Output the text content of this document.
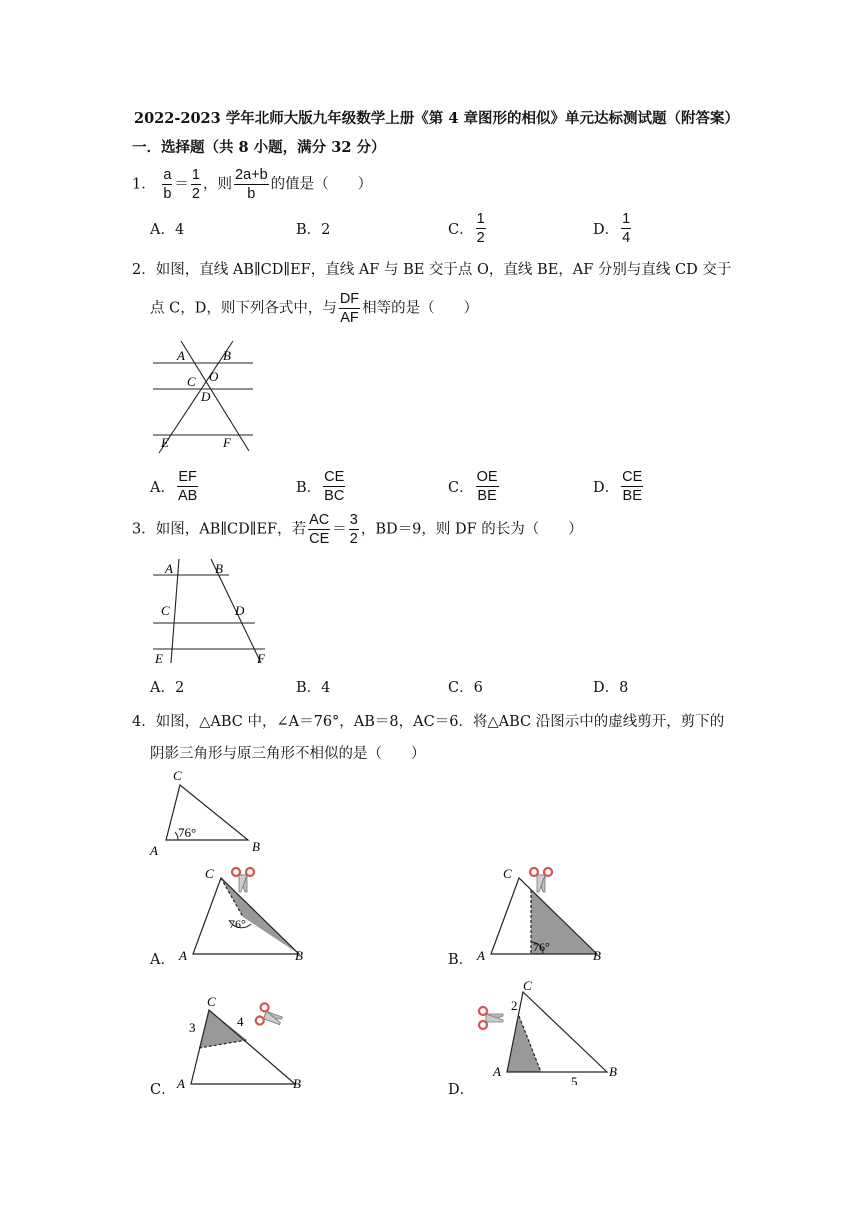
2022-2023 学年北师大版九年级数学上册《第 4 章图形的相似》单元达标测试题（附答案）
一．选择题（共 8 小题，满分 32 分）
1． $\frac{a}{b} = \frac{1}{2}$ ，则 $\frac{2a+b}{b}$ 的值是（　　）
A．4	B．2	C． $\frac{1}{2}$	D． $\frac{1}{4}$
2．如图，直线 AB∥CD∥EF，直线 AF 与 BE 交于点 O，直线 BE，AF 分别与直线 CD 交于
点 C，D，则下列各式中，与 $\frac{DF}{AF}$ 相等的是（　　）
A	B
O
C
D
E	F
A． $\frac{EF}{AB}$	B． $\frac{CE}{BC}$	C． $\frac{OE}{BE}$	D． $\frac{CE}{BE}$
3．如图，AB∥CD∥EF，若 $\frac{AC}{CE} = \frac{3}{2}$ ，BD＝9，则 DF 的长为（　　）
A	B
C	D
E	F
A．2	B．4	C．6	D．8
4．如图，△ABC 中，∠A＝76°，AB＝8，AC＝6．将△ABC 沿图示中的虚线剪开，剪下的
阴影三角形与原三角形不相似的是（　　）
76°
C
A	B
A．
76°
C
A	B	B．
76°
C
A	B
C．
3	4
C
A	B	D．
2
5
C
A	B
